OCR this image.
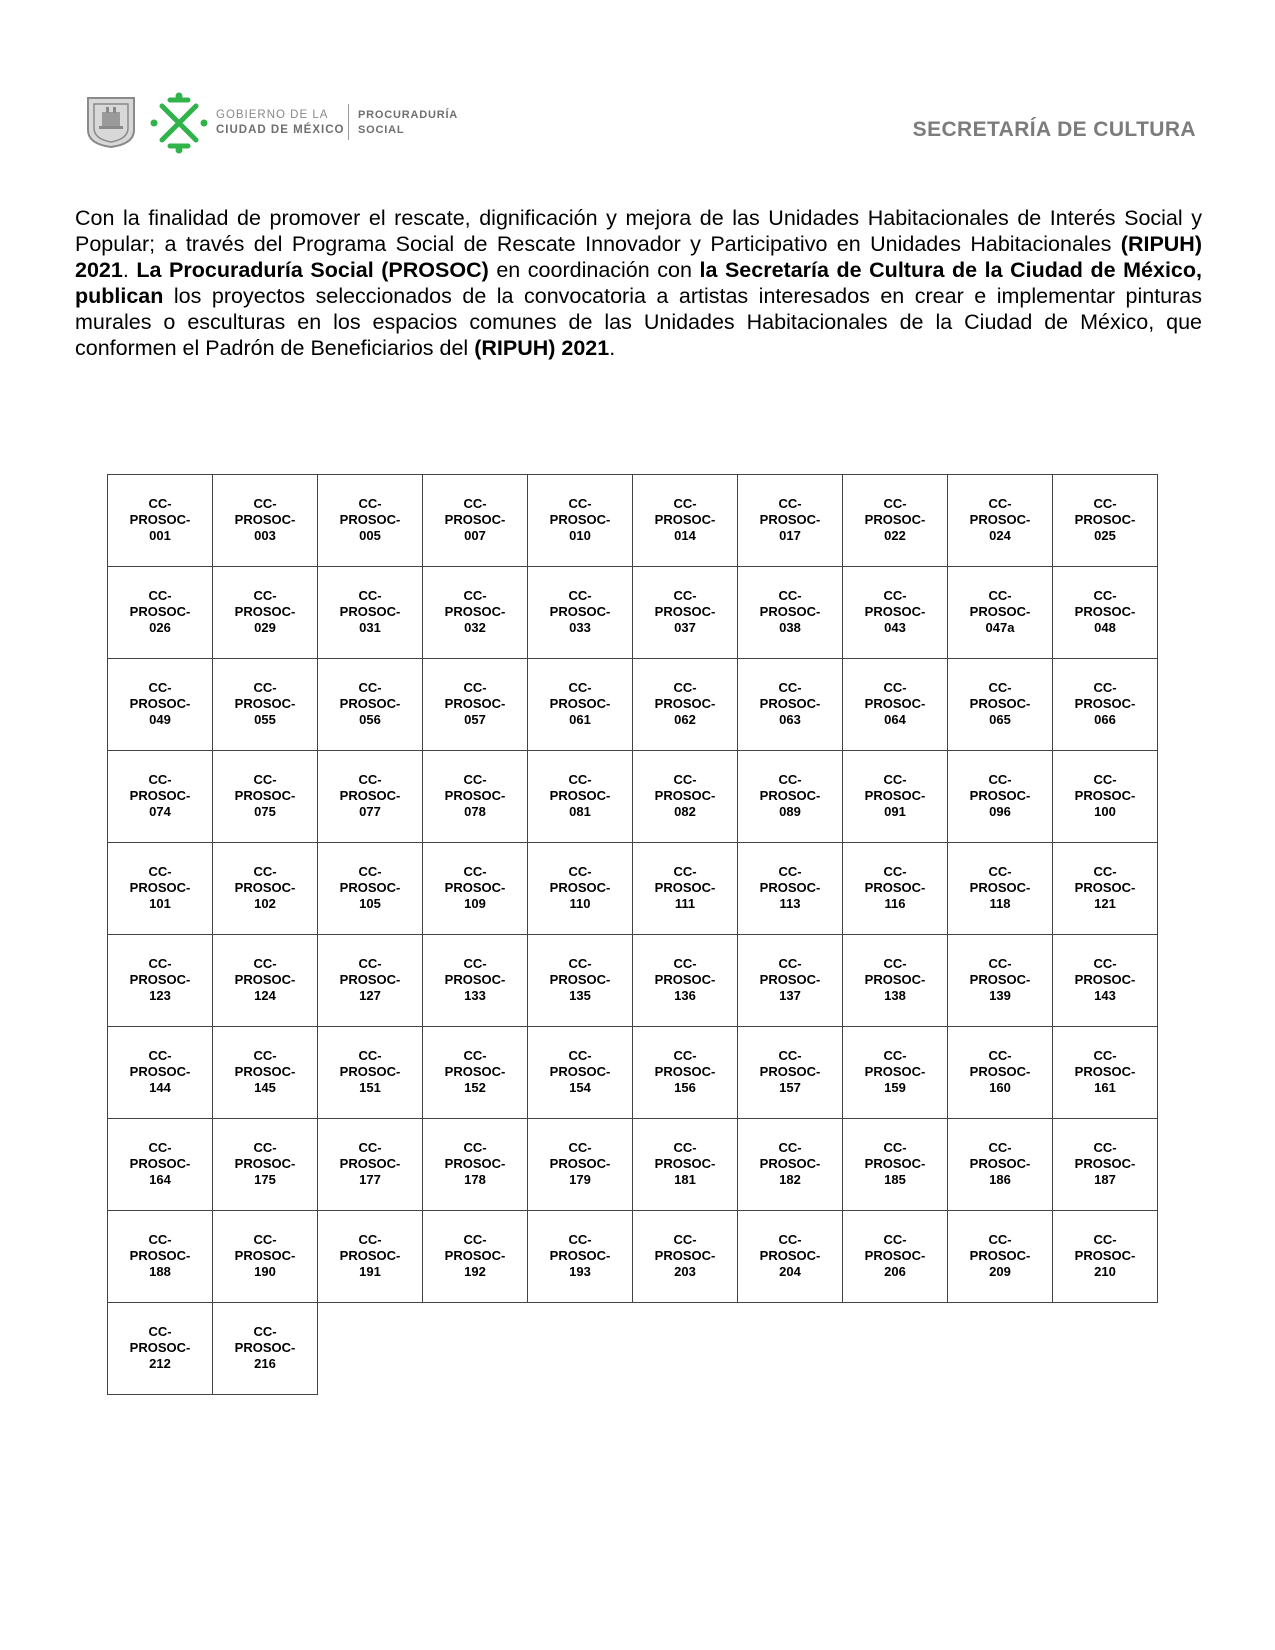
GOBIERNO DE LA
CIUDAD DE MÉXICO
PROCURADURÍA
SOCIAL	SECRETARÍA DE CULTURA
Con la finalidad de promover el rescate, dignificación y mejora de las Unidades Habitacionales de Interés Social y Popular; a través del Programa Social de Rescate Innovador y Participativo en Unidades Habitacionales (RIPUH) 2021. La Procuraduría Social (PROSOC) en coordinación con la Secretaría de Cultura de la Ciudad de México, publican los proyectos seleccionados de la convocatoria a artistas interesados en crear e implementar pinturas murales o esculturas en los espacios comunes de las Unidades Habitacionales de la Ciudad de México, que conformen el Padrón de Beneficiarios del (RIPUH) 2021.
CC-
PROSOC-
001	CC-
PROSOC-
003	CC-
PROSOC-
005	CC-
PROSOC-
007	CC-
PROSOC-
010	CC-
PROSOC-
014	CC-
PROSOC-
017	CC-
PROSOC-
022	CC-
PROSOC-
024	CC-
PROSOC-
025

CC-
PROSOC-
026	CC-
PROSOC-
029	CC-
PROSOC-
031	CC-
PROSOC-
032	CC-
PROSOC-
033	CC-
PROSOC-
037	CC-
PROSOC-
038	CC-
PROSOC-
043	CC-
PROSOC-
047a	CC-
PROSOC-
048

CC-
PROSOC-
049	CC-
PROSOC-
055	CC-
PROSOC-
056	CC-
PROSOC-
057	CC-
PROSOC-
061	CC-
PROSOC-
062	CC-
PROSOC-
063	CC-
PROSOC-
064	CC-
PROSOC-
065	CC-
PROSOC-
066

CC-
PROSOC-
074	CC-
PROSOC-
075	CC-
PROSOC-
077	CC-
PROSOC-
078	CC-
PROSOC-
081	CC-
PROSOC-
082	CC-
PROSOC-
089	CC-
PROSOC-
091	CC-
PROSOC-
096	CC-
PROSOC-
100

CC-
PROSOC-
101	CC-
PROSOC-
102	CC-
PROSOC-
105	CC-
PROSOC-
109	CC-
PROSOC-
110	CC-
PROSOC-
111	CC-
PROSOC-
113	CC-
PROSOC-
116	CC-
PROSOC-
118	CC-
PROSOC-
121

CC-
PROSOC-
123	CC-
PROSOC-
124	CC-
PROSOC-
127	CC-
PROSOC-
133	CC-
PROSOC-
135	CC-
PROSOC-
136	CC-
PROSOC-
137	CC-
PROSOC-
138	CC-
PROSOC-
139	CC-
PROSOC-
143

CC-
PROSOC-
144	CC-
PROSOC-
145	CC-
PROSOC-
151	CC-
PROSOC-
152	CC-
PROSOC-
154	CC-
PROSOC-
156	CC-
PROSOC-
157	CC-
PROSOC-
159	CC-
PROSOC-
160	CC-
PROSOC-
161

CC-
PROSOC-
164	CC-
PROSOC-
175	CC-
PROSOC-
177	CC-
PROSOC-
178	CC-
PROSOC-
179	CC-
PROSOC-
181	CC-
PROSOC-
182	CC-
PROSOC-
185	CC-
PROSOC-
186	CC-
PROSOC-
187

CC-
PROSOC-
188	CC-
PROSOC-
190	CC-
PROSOC-
191	CC-
PROSOC-
192	CC-
PROSOC-
193	CC-
PROSOC-
203	CC-
PROSOC-
204	CC-
PROSOC-
206	CC-
PROSOC-
209	CC-
PROSOC-
210

CC-
PROSOC-
212	CC-
PROSOC-
216								
